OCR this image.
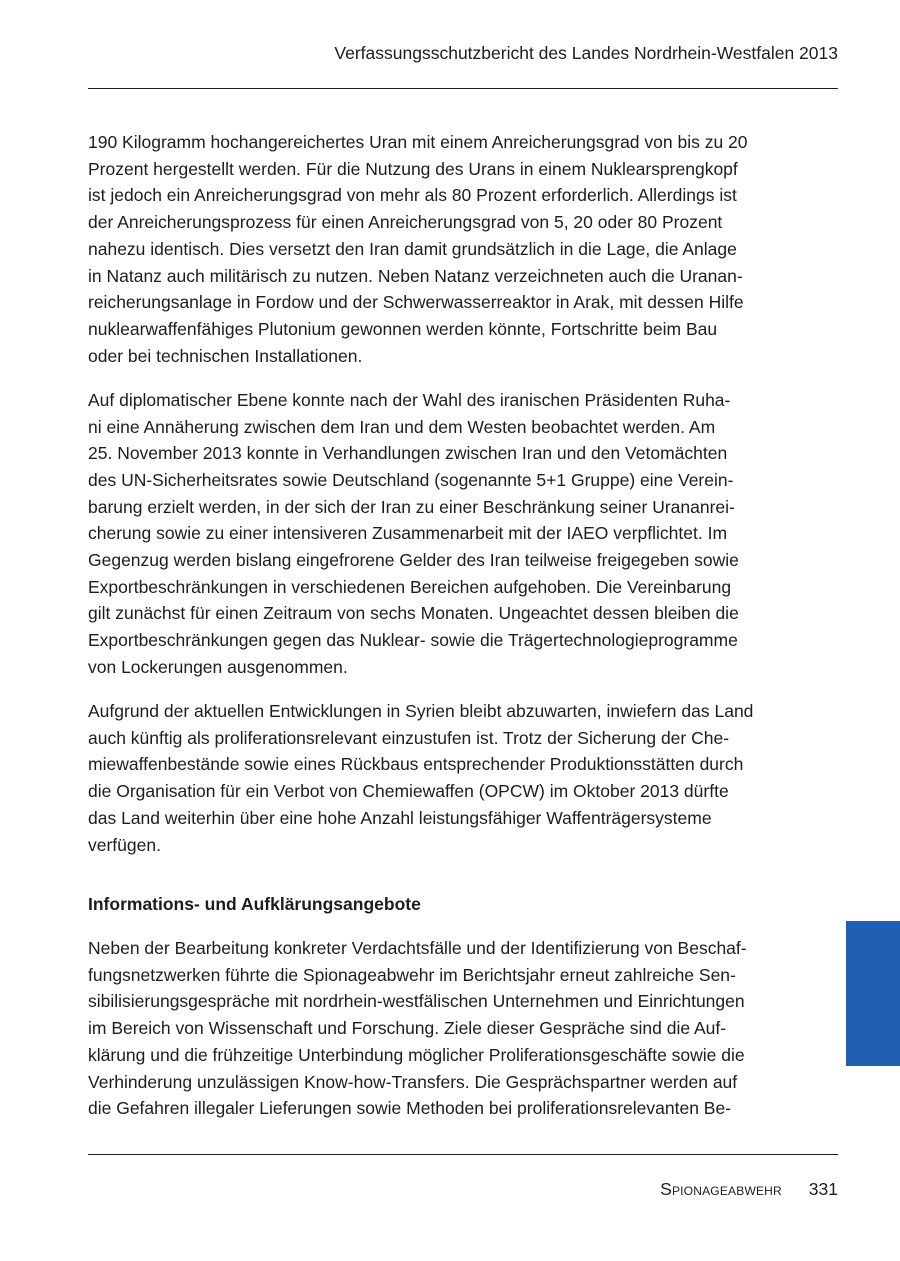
Verfassungsschutzbericht des Landes Nordrhein-Westfalen 2013

190 Kilogramm hochangereichertes Uran mit einem Anreicherungsgrad von bis zu 20
Prozent hergestellt werden. Für die Nutzung des Urans in einem Nuklearsprengkopf
ist jedoch ein Anreicherungsgrad von mehr als 80 Prozent erforderlich. Allerdings ist
der Anreicherungsprozess für einen Anreicherungsgrad von 5, 20 oder 80 Prozent
nahezu identisch. Dies versetzt den Iran damit grundsätzlich in die Lage, die Anlage
in Natanz auch militärisch zu nutzen. Neben Natanz verzeichneten auch die Uranan-
reicherungsanlage in Fordow und der Schwerwasserreaktor in Arak, mit dessen Hilfe
nuklearwaffenfähiges Plutonium gewonnen werden könnte, Fortschritte beim Bau
oder bei technischen Installationen.

Auf diplomatischer Ebene konnte nach der Wahl des iranischen Präsidenten Ruha-
ni eine Annäherung zwischen dem Iran und dem Westen beobachtet werden. Am
25. November 2013 konnte in Verhandlungen zwischen Iran und den Vetomächten
des UN-Sicherheitsrates sowie Deutschland (sogenannte 5+1 Gruppe) eine Verein-
barung erzielt werden, in der sich der Iran zu einer Beschränkung seiner Urananrei-
cherung sowie zu einer intensiveren Zusammenarbeit mit der IAEO verpflichtet. Im
Gegenzug werden bislang eingefrorene Gelder des Iran teilweise freigegeben sowie
Exportbeschränkungen in verschiedenen Bereichen aufgehoben. Die Vereinbarung
gilt zunächst für einen Zeitraum von sechs Monaten. Ungeachtet dessen bleiben die
Exportbeschränkungen gegen das Nuklear- sowie die Trägertechnologieprogramme
von Lockerungen ausgenommen.

Aufgrund der aktuellen Entwicklungen in Syrien bleibt abzuwarten, inwiefern das Land
auch künftig als proliferationsrelevant einzustufen ist. Trotz der Sicherung der Che-
miewaffenbestände sowie eines Rückbaus entsprechender Produktionsstätten durch
die Organisation für ein Verbot von Chemiewaffen (OPCW) im Oktober 2013 dürfte
das Land weiterhin über eine hohe Anzahl leistungsfähiger Waffenträgersysteme
verfügen.

Informations- und Aufklärungsangebote

Neben der Bearbeitung konkreter Verdachtsfälle und der Identifizierung von Beschaf-
fungsnetzwerken führte die Spionageabwehr im Berichtsjahr erneut zahlreiche Sen-
sibilisierungsgespräche mit nordrhein-westfälischen Unternehmen und Einrichtungen
im Bereich von Wissenschaft und Forschung. Ziele dieser Gespräche sind die Auf-
klärung und die frühzeitige Unterbindung möglicher Proliferationsgeschäfte sowie die
Verhinderung unzulässigen Know-how-Transfers. Die Gesprächspartner werden auf
die Gefahren illegaler Lieferungen sowie Methoden bei proliferationsrelevanten Be-

Spionageabwehr 331
